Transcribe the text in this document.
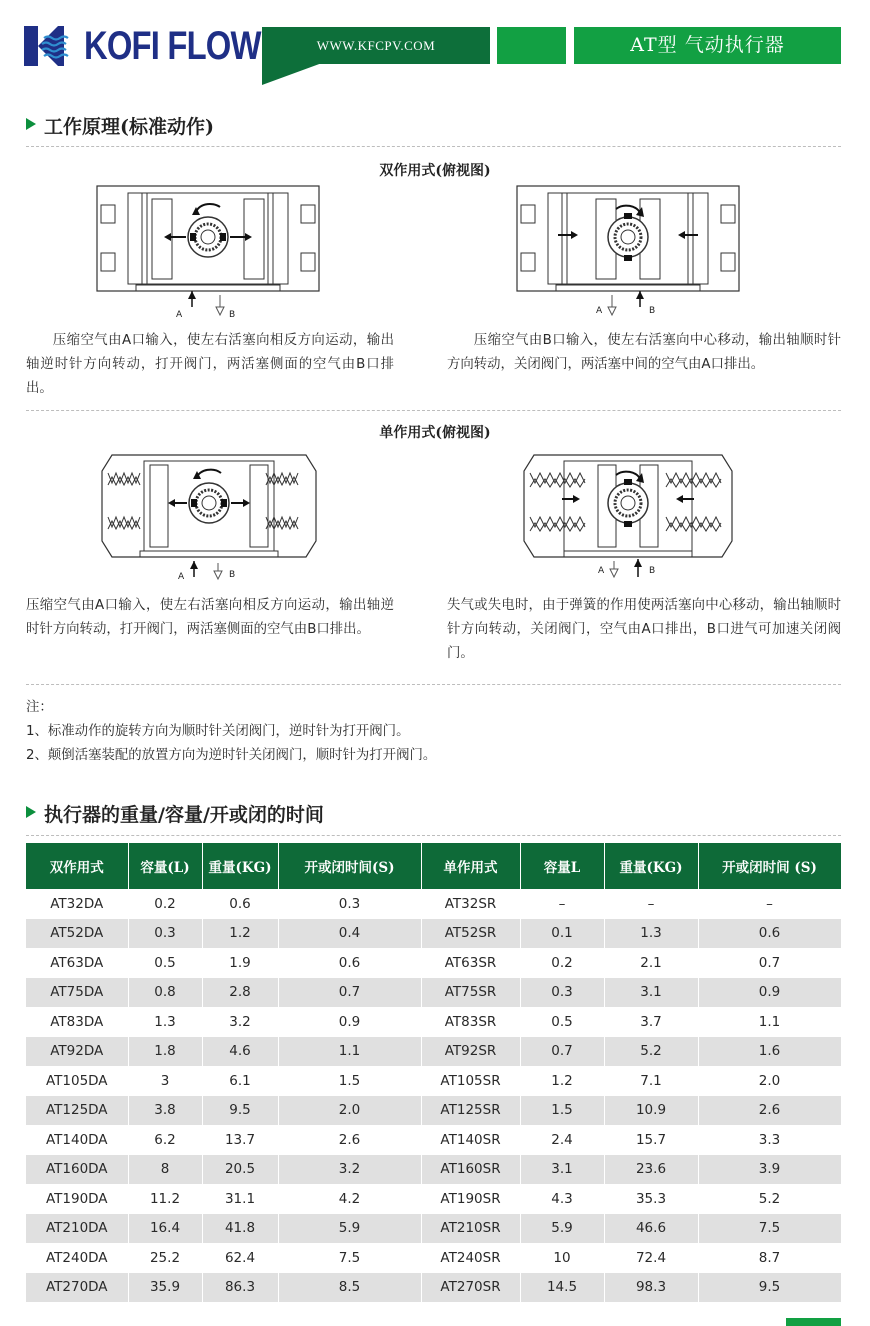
KOFI FLOW	WWW.KFCPV.COM	AT型 气动执行器
工作原理(标准动作)
双作用式(俯视图)
A	B	A	B
压缩空气由A口输入，使左右活塞向相反方向运动，输出轴逆时针方向转动，打开阀门，两活塞侧面的空气由B口排出。
压缩空气由B口输入，使左右活塞向中心移动，输出轴顺时针方向转动，关闭阀门，两活塞中间的空气由A口排出。
单作用式(俯视图)
A	B	A	B
压缩空气由A口输入，使左右活塞向相反方向运动，输出轴逆时针方向转动，打开阀门，两活塞侧面的空气由B口排出。
失气或失电时，由于弹簧的作用使两活塞向中心移动，输出轴顺时针方向转动，关闭阀门，空气由A口排出，B口进气可加速关闭阀门。
注：
1、标准动作的旋转方向为顺时针关闭阀门，逆时针为打开阀门。
2、颠倒活塞装配的放置方向为逆时针关闭阀门，顺时针为打开阀门。
执行器的重量/容量/开或闭的时间
双作用式	容量(L)	重量(KG)	开或闭时间(S)	单作用式	容量L	重量(KG)	开或闭时间 (S)
AT32DA	0.2	0.6	0.3	AT32SR	–	–	–
AT52DA	0.3	1.2	0.4	AT52SR	0.1	1.3	0.6
AT63DA	0.5	1.9	0.6	AT63SR	0.2	2.1	0.7
AT75DA	0.8	2.8	0.7	AT75SR	0.3	3.1	0.9
AT83DA	1.3	3.2	0.9	AT83SR	0.5	3.7	1.1
AT92DA	1.8	4.6	1.1	AT92SR	0.7	5.2	1.6
AT105DA	3	6.1	1.5	AT105SR	1.2	7.1	2.0
AT125DA	3.8	9.5	2.0	AT125SR	1.5	10.9	2.6
AT140DA	6.2	13.7	2.6	AT140SR	2.4	15.7	3.3
AT160DA	8	20.5	3.2	AT160SR	3.1	23.6	3.9
AT190DA	11.2	31.1	4.2	AT190SR	4.3	35.3	5.2
AT210DA	16.4	41.8	5.9	AT210SR	5.9	46.6	7.5
AT240DA	25.2	62.4	7.5	AT240SR	10	72.4	8.7
AT270DA	35.9	86.3	8.5	AT270SR	14.5	98.3	9.5
